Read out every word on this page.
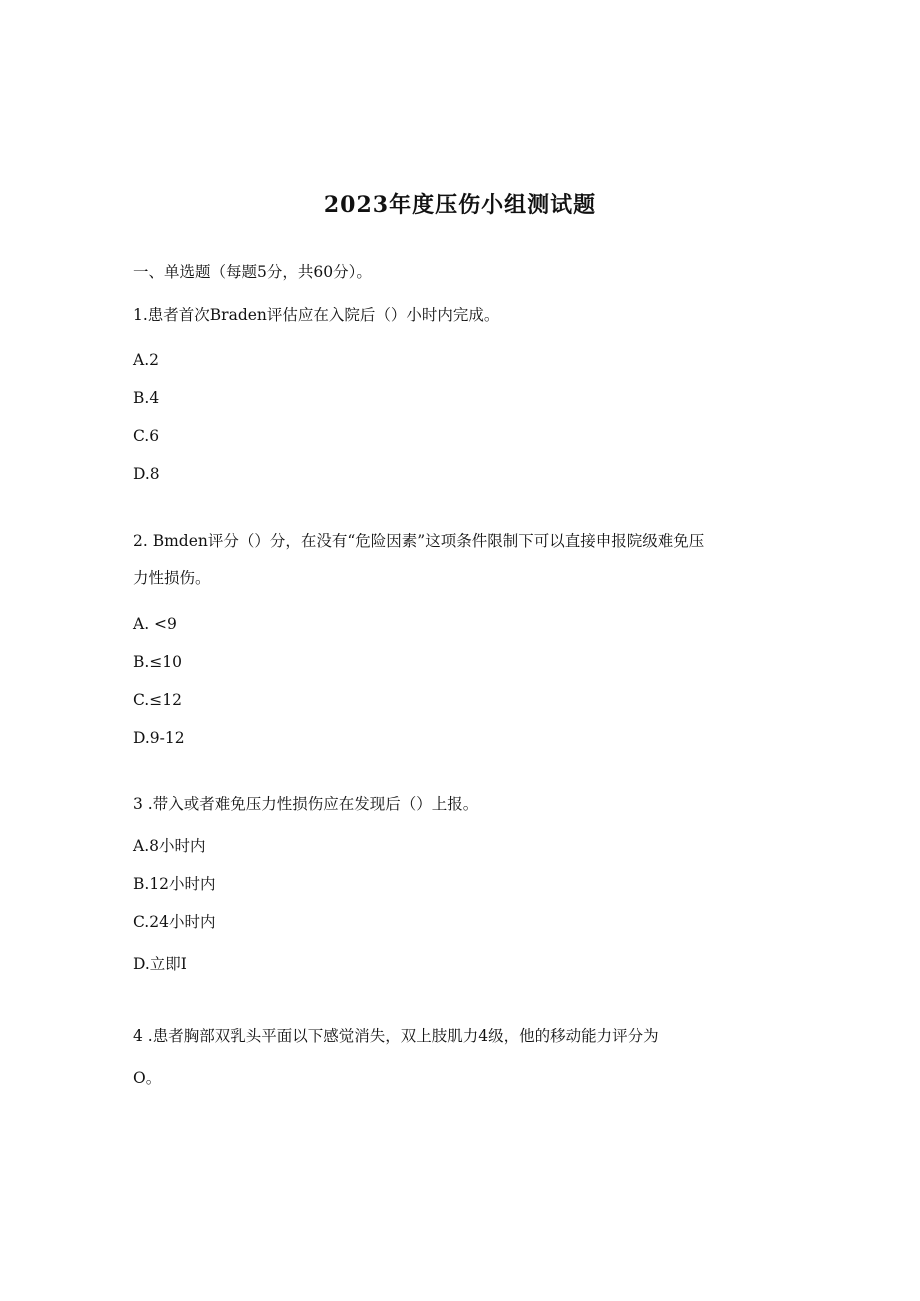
2023年度压伤小组测试题
一、单选题（每题5分，共60分）。
1.患者首次Braden评估应在入院后（）小时内完成。
A.2
B.4
C.6
D.8
2. Bmden评分（）分，在没有“危险因素”这项条件限制下可以直接申报院级难免压
力性损伤。
A. <9
B.≤10
C.≤12
D.9-12
3 .带入或者难免压力性损伤应在发现后（）上报。
A.8小时内
B.12小时内
C.24小时内
D.立即I
4 .患者胸部双乳头平面以下感觉消失，双上肢肌力4级，他的移动能力评分为
O。
